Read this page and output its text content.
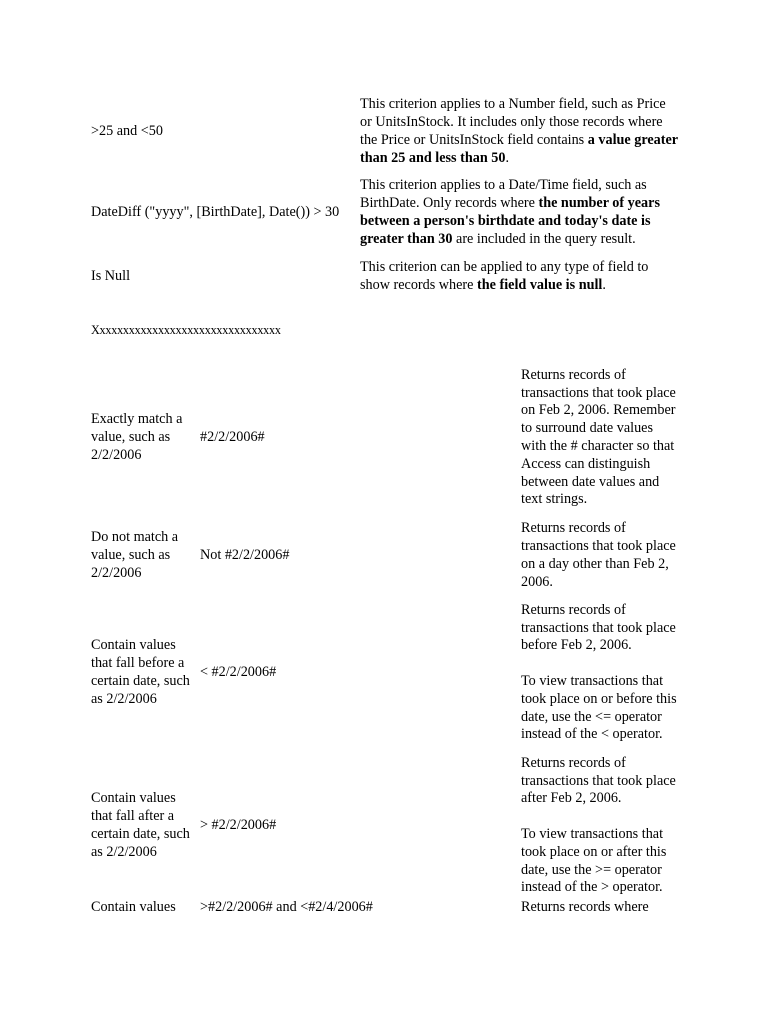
>25 and <50	This criterion applies to a Number field, such as Price or UnitsInStock. It includes only those records where the Price or UnitsInStock field contains a value greater than 25 and less than 50.
DateDiff ("yyyy", [BirthDate], Date()) > 30	This criterion applies to a Date/Time field, such as BirthDate. Only records where the number of years between a person's birthdate and today's date is greater than 30 are included in the query result.
Is Null	This criterion can be applied to any type of field to show records where the field value is null.
Xxxxxxxxxxxxxxxxxxxxxxxxxxxxxxxx
Exactly match a value, such as 2/2/2006	#2/2/2006#	Returns records of transactions that took place on Feb 2, 2006. Remember to surround date values with the # character so that Access can distinguish between date values and text strings.

Do not match a value, such as 2/2/2006	Not #2/2/2006#	Returns records of transactions that took place on a day other than Feb 2, 2006.

Contain values that fall before a certain date, such as 2/2/2006	< #2/2/2006#	Returns records of transactions that took place before Feb 2, 2006.

To view transactions that took place on or before this date, use the <= operator instead of the < operator.

Contain values that fall after a certain date, such as 2/2/2006	> #2/2/2006#	Returns records of transactions that took place after Feb 2, 2006.

To view transactions that took place on or after this date, use the >= operator instead of the > operator.

Contain values	>#2/2/2006# and <#2/4/2006#	Returns records where
